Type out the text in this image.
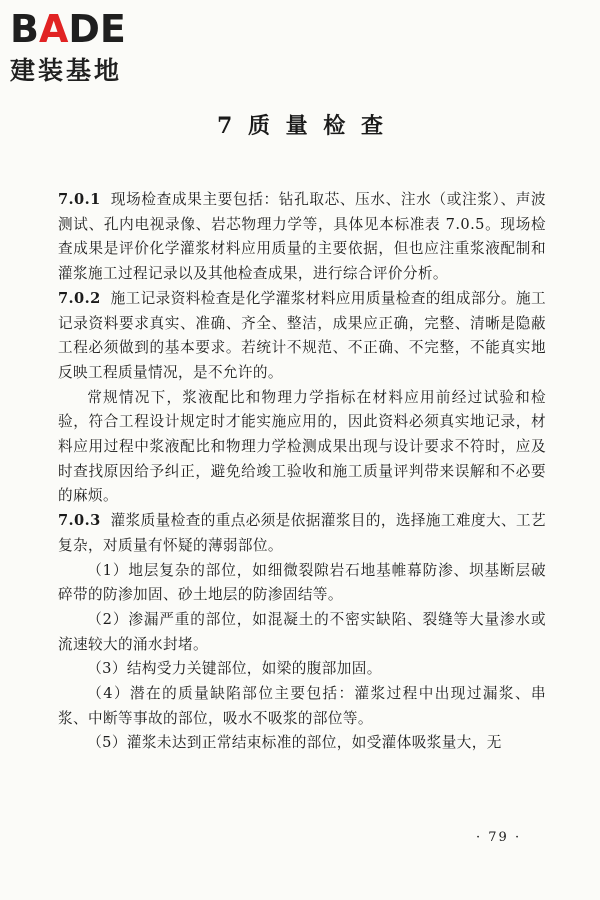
BADE
建装基地
7 质 量 检 查

7.0.1 现场检查成果主要包括：钻孔取芯、压水、注水（或注浆）、声波测试、孔内电视录像、岩芯物理力学等，具体见本标准表 7.0.5。现场检查成果是评价化学灌浆材料应用质量的主要依据，但也应注重浆液配制和灌浆施工过程记录以及其他检查成果，进行综合评价分析。

7.0.2 施工记录资料检查是化学灌浆材料应用质量检查的组成部分。施工记录资料要求真实、准确、齐全、整洁，成果应正确，完整、清晰是隐蔽工程必须做到的基本要求。若统计不规范、不正确、不完整，不能真实地反映工程质量情况，是不允许的。

常规情况下，浆液配比和物理力学指标在材料应用前经过试验和检验，符合工程设计规定时才能实施应用的，因此资料必须真实地记录，材料应用过程中浆液配比和物理力学检测成果出现与设计要求不符时，应及时查找原因给予纠正，避免给竣工验收和施工质量评判带来误解和不必要的麻烦。

7.0.3 灌浆质量检查的重点必须是依据灌浆目的，选择施工难度大、工艺复杂，对质量有怀疑的薄弱部位。

（1）地层复杂的部位，如细微裂隙岩石地基帷幕防渗、坝基断层破碎带的防渗加固、砂土地层的防渗固结等。

（2）渗漏严重的部位，如混凝土的不密实缺陷、裂缝等大量渗水或流速较大的涌水封堵。

（3）结构受力关键部位，如梁的腹部加固。

（4）潜在的质量缺陷部位主要包括：灌浆过程中出现过漏浆、串浆、中断等事故的部位，吸水不吸浆的部位等。

（5）灌浆未达到正常结束标准的部位，如受灌体吸浆量大，无

· 79 ·
